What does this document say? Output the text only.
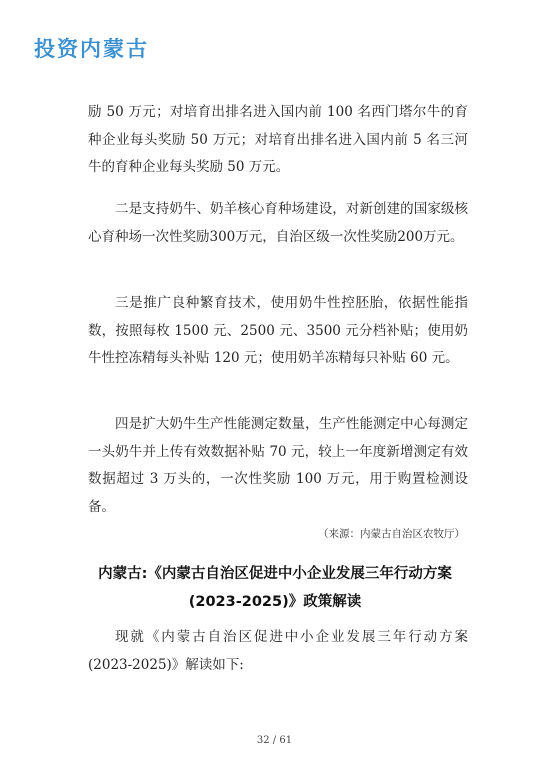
投资内蒙古
励 50 万元；对培育出排名进入国内前 100 名西门塔尔牛的育种企业每头奖励 50 万元；对培育出排名进入国内前 5 名三河牛的育种企业每头奖励 50 万元。
二是支持奶牛、奶羊核心育种场建设，对新创建的国家级核心育种场一次性奖励300万元，自治区级一次性奖励200万元。
三是推广良种繁育技术，使用奶牛性控胚胎，依据性能指数，按照每枚 1500 元、2500 元、3500 元分档补贴；使用奶牛性控冻精每头补贴 120 元；使用奶羊冻精每只补贴 60 元。
四是扩大奶牛生产性能测定数量，生产性能测定中心每测定一头奶牛并上传有效数据补贴 70 元，较上一年度新增测定有效数据超过 3 万头的，一次性奖励 100 万元，用于购置检测设备。
（来源：内蒙古自治区农牧厅）
内蒙古:《内蒙古自治区促进中小企业发展三年行动方案
(2023-2025)》政策解读
现就《内蒙古自治区促进中小企业发展三年行动方案(2023-2025)》解读如下:
32 / 61
